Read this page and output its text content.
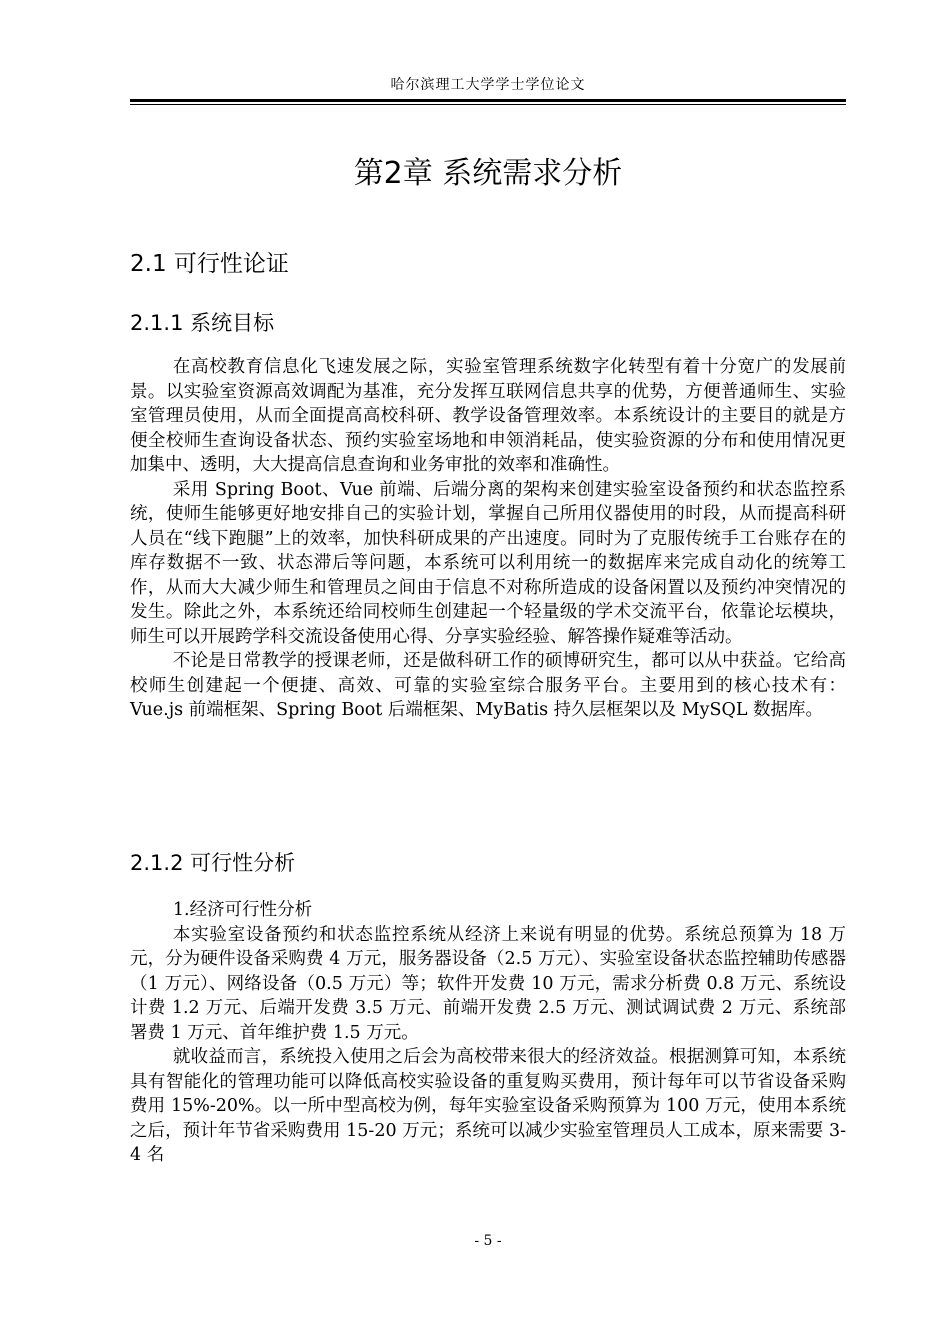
哈尔滨理工大学学士学位论文
第2章 系统需求分析
2.1 可行性论证
2.1.1 系统目标

在高校教育信息化飞速发展之际，实验室管理系统数字化转型有着十分宽广的发展前景。以实验室资源高效调配为基准，充分发挥互联网信息共享的优势，方便普通师生、实验室管理员使用，从而全面提高高校科研、教学设备管理效率。本系统设计的主要目的就是方便全校师生查询设备状态、预约实验室场地和申领消耗品，使实验资源的分布和使用情况更加集中、透明，大大提高信息查询和业务审批的效率和准确性。

采用 Spring Boot、Vue 前端、后端分离的架构来创建实验室设备预约和状态监控系统，使师生能够更好地安排自己的实验计划，掌握自己所用仪器使用的时段，从而提高科研人员在“线下跑腿”上的效率，加快科研成果的产出速度。同时为了克服传统手工台账存在的库存数据不一致、状态滞后等问题，本系统可以利用统一的数据库来完成自动化的统筹工作，从而大大减少师生和管理员之间由于信息不对称所造成的设备闲置以及预约冲突情况的发生。除此之外，本系统还给同校师生创建起一个轻量级的学术交流平台，依靠论坛模块，师生可以开展跨学科交流设备使用心得、分享实验经验、解答操作疑难等活动。

不论是日常教学的授课老师，还是做科研工作的硕博研究生，都可以从中获益。它给高校师生创建起一个便捷、高效、可靠的实验室综合服务平台。主要用到的核心技术有：Vue.js 前端框架、Spring Boot 后端框架、MyBatis 持久层框架以及 MySQL 数据库。

2.1.2 可行性分析

1.经济可行性分析

本实验室设备预约和状态监控系统从经济上来说有明显的优势。系统总预算为 18 万元，分为硬件设备采购费 4 万元，服务器设备（2.5 万元）、实验室设备状态监控辅助传感器（1 万元）、网络设备（0.5 万元）等；软件开发费 10 万元，需求分析费 0.8 万元、系统设计费 1.2 万元、后端开发费 3.5 万元、前端开发费 2.5 万元、测试调试费 2 万元、系统部署费 1 万元、首年维护费 1.5 万元。

就收益而言，系统投入使用之后会为高校带来很大的经济效益。根据测算可知，本系统具有智能化的管理功能可以降低高校实验设备的重复购买费用，预计每年可以节省设备采购费用 15%-20%。以一所中型高校为例，每年实验室设备采购预算为 100 万元，使用本系统之后，预计年节省采购费用 15-20 万元；系统可以减少实验室管理员人工成本，原来需要 3-4 名

- 5 -
